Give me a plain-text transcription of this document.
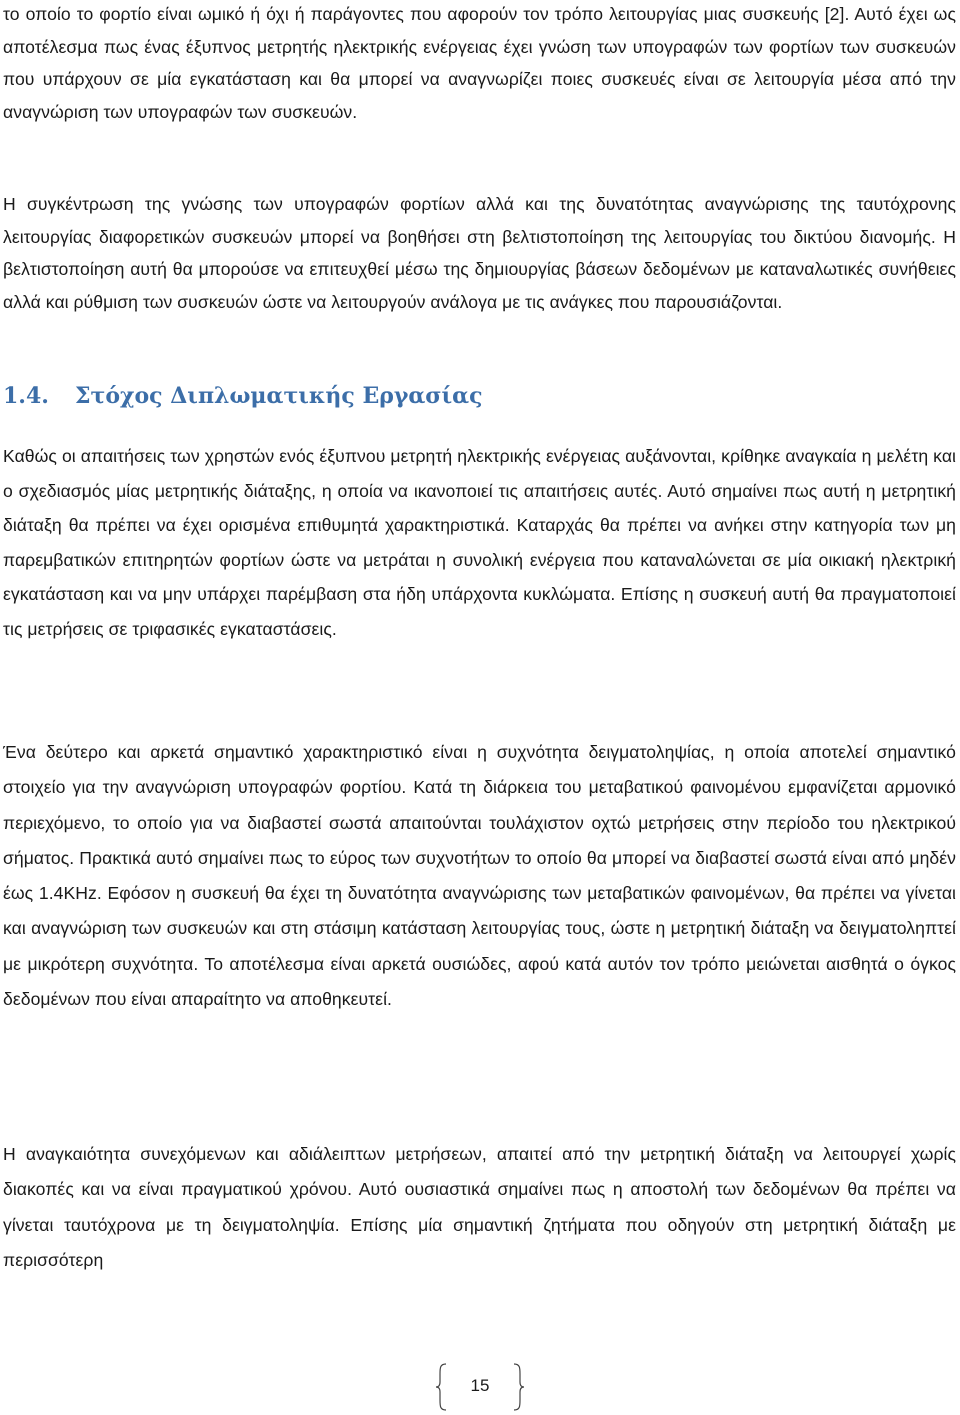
το οποίο το φορτίο είναι ωμικό ή όχι ή παράγοντες που αφορούν τον τρόπο λειτουργίας μιας συσκευής [2]. Αυτό έχει ως αποτέλεσμα πως ένας έξυπνος μετρητής ηλεκτρικής ενέργειας έχει γνώση των υπογραφών των φορτίων των συσκευών που υπάρχουν σε μία εγκατάσταση και θα μπορεί να αναγνωρίζει ποιες συσκευές είναι σε λειτουργία μέσα από την αναγνώριση των υπογραφών των συσκευών.

Η συγκέντρωση της γνώσης των υπογραφών φορτίων αλλά και της δυνατότητας αναγνώρισης της ταυτόχρονης λειτουργίας διαφορετικών συσκευών μπορεί να βοηθήσει στη βελτιστοποίηση της λειτουργίας του δικτύου διανομής. Η βελτιστοποίηση αυτή θα μπορούσε να επιτευχθεί μέσω της δημιουργίας βάσεων δεδομένων με καταναλωτικές συνήθειες αλλά και ρύθμιση των συσκευών ώστε να λειτουργούν ανάλογα με τις ανάγκες που παρουσιάζονται.

1.4. Στόχος Διπλωματικής Εργασίας

Καθώς οι απαιτήσεις των χρηστών ενός έξυπνου μετρητή ηλεκτρικής ενέργειας αυξάνονται, κρίθηκε αναγκαία η μελέτη και ο σχεδιασμός μίας μετρητικής διάταξης, η οποία να ικανοποιεί τις απαιτήσεις αυτές. Αυτό σημαίνει πως αυτή η μετρητική διάταξη θα πρέπει να έχει ορισμένα επιθυμητά χαρακτηριστικά. Καταρχάς θα πρέπει να ανήκει στην κατηγορία των μη παρεμβατικών επιτηρητών φορτίων ώστε να μετράται η συνολική ενέργεια που καταναλώνεται σε μία οικιακή ηλεκτρική εγκατάσταση και να μην υπάρχει παρέμβαση στα ήδη υπάρχοντα κυκλώματα. Επίσης η συσκευή αυτή θα πραγματοποιεί τις μετρήσεις σε τριφασικές εγκαταστάσεις.

Ένα δεύτερο και αρκετά σημαντικό χαρακτηριστικό είναι η συχνότητα δειγματοληψίας, η οποία αποτελεί σημαντικό στοιχείο για την αναγνώριση υπογραφών φορτίου. Κατά τη διάρκεια του μεταβατικού φαινομένου εμφανίζεται αρμονικό περιεχόμενο, το οποίο για να διαβαστεί σωστά απαιτούνται τουλάχιστον οχτώ μετρήσεις στην περίοδο του ηλεκτρικού σήματος. Πρακτικά αυτό σημαίνει πως το εύρος των συχνοτήτων το οποίο θα μπορεί να διαβαστεί σωστά είναι από μηδέν έως 1.4KHz. Εφόσον η συσκευή θα έχει τη δυνατότητα αναγνώρισης των μεταβατικών φαινομένων, θα πρέπει να γίνεται και αναγνώριση των συσκευών και στη στάσιμη κατάσταση λειτουργίας τους, ώστε η μετρητική διάταξη να δειγματοληπτεί με μικρότερη συχνότητα. Το αποτέλεσμα είναι αρκετά ουσιώδες, αφού κατά αυτόν τον τρόπο μειώνεται αισθητά ο όγκος δεδομένων που είναι απαραίτητο να αποθηκευτεί.

Η αναγκαιότητα συνεχόμενων και αδιάλειπτων μετρήσεων, απαιτεί από την μετρητική διάταξη να λειτουργεί χωρίς διακοπές και να είναι πραγματικού χρόνου. Αυτό ουσιαστικά σημαίνει πως η αποστολή των δεδομένων θα πρέπει να γίνεται ταυτόχρονα με τη δειγματοληψία. Επίσης μία σημαντική ζητήματα που οδηγούν στη μετρητική διάταξη με περισσότερη

15
